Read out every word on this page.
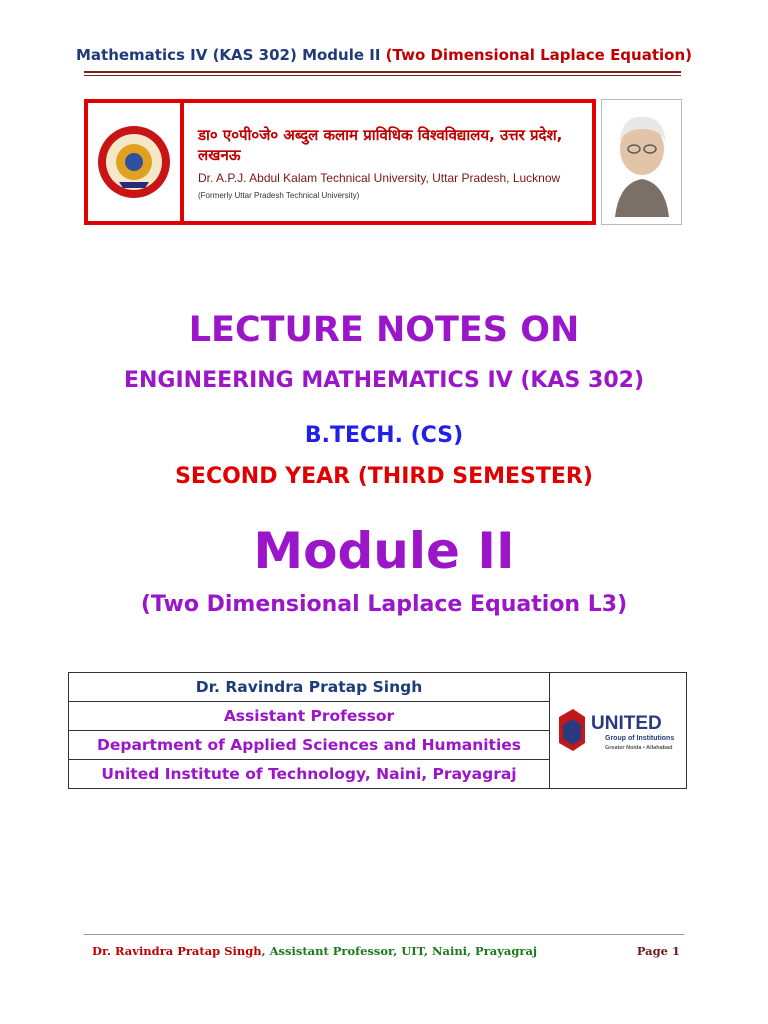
Mathematics IV (KAS 302) Module II (Two Dimensional Laplace Equation)
डा० ए०पी०जे० अब्दुल कलाम प्राविधिक विश्वविद्यालय, उत्तर प्रदेश, लखनऊ
Dr. A.P.J. Abdul Kalam Technical University, Uttar Pradesh, Lucknow
(Formerly Uttar Pradesh Technical University)
LECTURE NOTES ON
ENGINEERING MATHEMATICS IV (KAS 302)
B.TECH. (CS)
SECOND YEAR (THIRD SEMESTER)
Module II
(Two Dimensional Laplace Equation L3)
Dr. Ravindra Pratap Singh	
UNITED
Group of Institutions
Greater Noida • Allahabad

Assistant Professor
Department of Applied Sciences and Humanities
United Institute of Technology, Naini, Prayagraj
Dr. Ravindra Pratap Singh, Assistant Professor, UIT, Naini, Prayagraj	Page 1
